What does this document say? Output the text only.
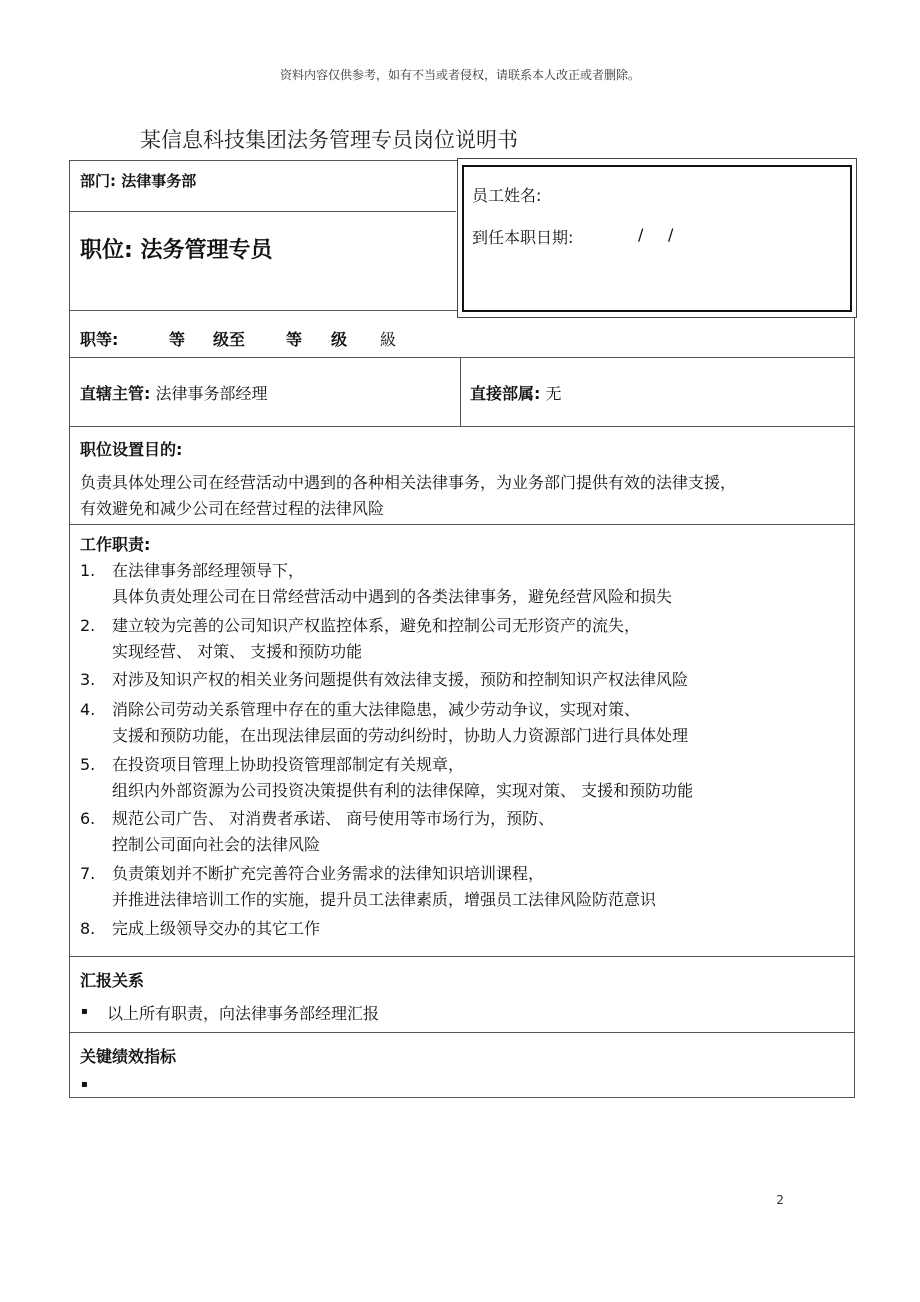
资料内容仅供参考，如有不当或者侵权，请联系本人改正或者删除。
某信息科技集团法务管理专员岗位说明书
部门: 法律事务部
职位: 法务管理专员
职等:	等 级至	等 级 級
直辖主管: 法律事务部经理	直接部属: 无
职位设置目的:
负责具体处理公司在经营活动中遇到的各种相关法律事务，为业务部门提供有效的法律支援，
有效避免和减少公司在经营过程的法律风险
工作职责:
1.	在法律事务部经理领导下，
具体负责处理公司在日常经营活动中遇到的各类法律事务，避免经营风险和损失
2.	建立较为完善的公司知识产权监控体系，避免和控制公司无形资产的流失，
实现经营、 对策、 支援和预防功能
3.	对涉及知识产权的相关业务问题提供有效法律支援，预防和控制知识产权法律风险
4.	消除公司劳动关系管理中存在的重大法律隐患，减少劳动争议，实现对策、
支援和预防功能，在出现法律层面的劳动纠纷时，协助人力资源部门进行具体处理
5.	在投资项目管理上协助投资管理部制定有关规章，
组织内外部资源为公司投资决策提供有利的法律保障，实现对策、 支援和预防功能
6.	规范公司广告、 对消费者承诺、 商号使用等市场行为，预防、
控制公司面向社会的法律风险
7.	负责策划并不断扩充完善符合业务需求的法律知识培训课程，
并推进法律培训工作的实施，提升员工法律素质，增强员工法律风险防范意识
8.	完成上级领导交办的其它工作
汇报关系
▪ 以上所有职责，向法律事务部经理汇报
关键绩效指标
▪
员工姓名:
到任本职日期:	/ /
2
